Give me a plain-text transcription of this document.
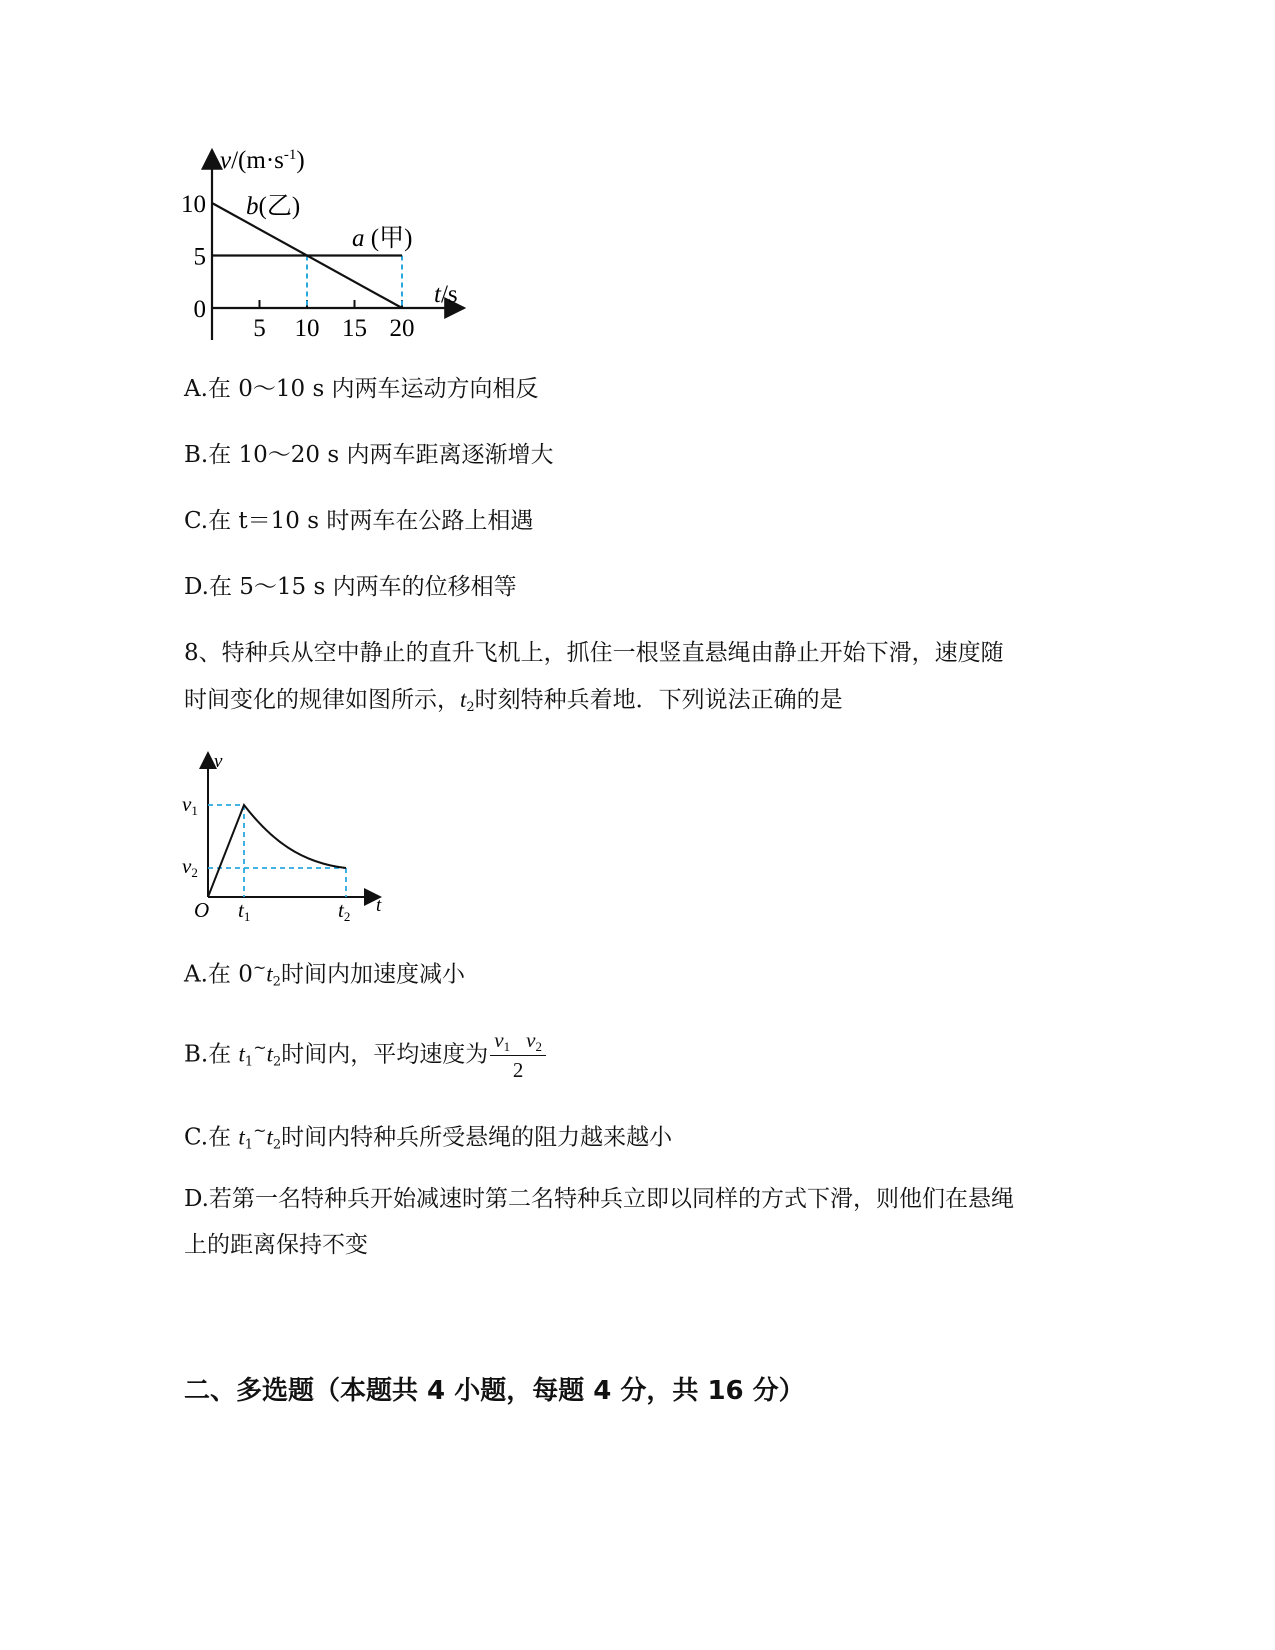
5 10 15 20
10
5
0
$v/(m\cdot s^{-1})$
t/s
b(乙)
a (甲)
A.在 0～10 s 内两车运动方向相反
B.在 10～20 s 内两车距离逐渐增大
C.在 t＝10 s 时两车在公路上相遇
D.在 5～15 s 内两车的位移相等
8、特种兵从空中静止的直升飞机上，抓住一根竖直悬绳由静止开始下滑，速度随
时间变化的规律如图所示，$t_2$时刻特种兵着地．下列说法正确的是
v
t
O
v1
v2
t1	t2
A.在 $0^\sim t_2$时间内加速度减小
B.在 $t_1^\sim t_2$时间内，平均速度为 $\frac{v_1 v_2}{2}$
C.在 $t_1^\sim t_2$时间内特种兵所受悬绳的阻力越来越小
D.若第一名特种兵开始减速时第二名特种兵立即以同样的方式下滑，则他们在悬绳
上的距离保持不变
二、多选题（本题共 4 小题，每题 4 分，共 16 分）
